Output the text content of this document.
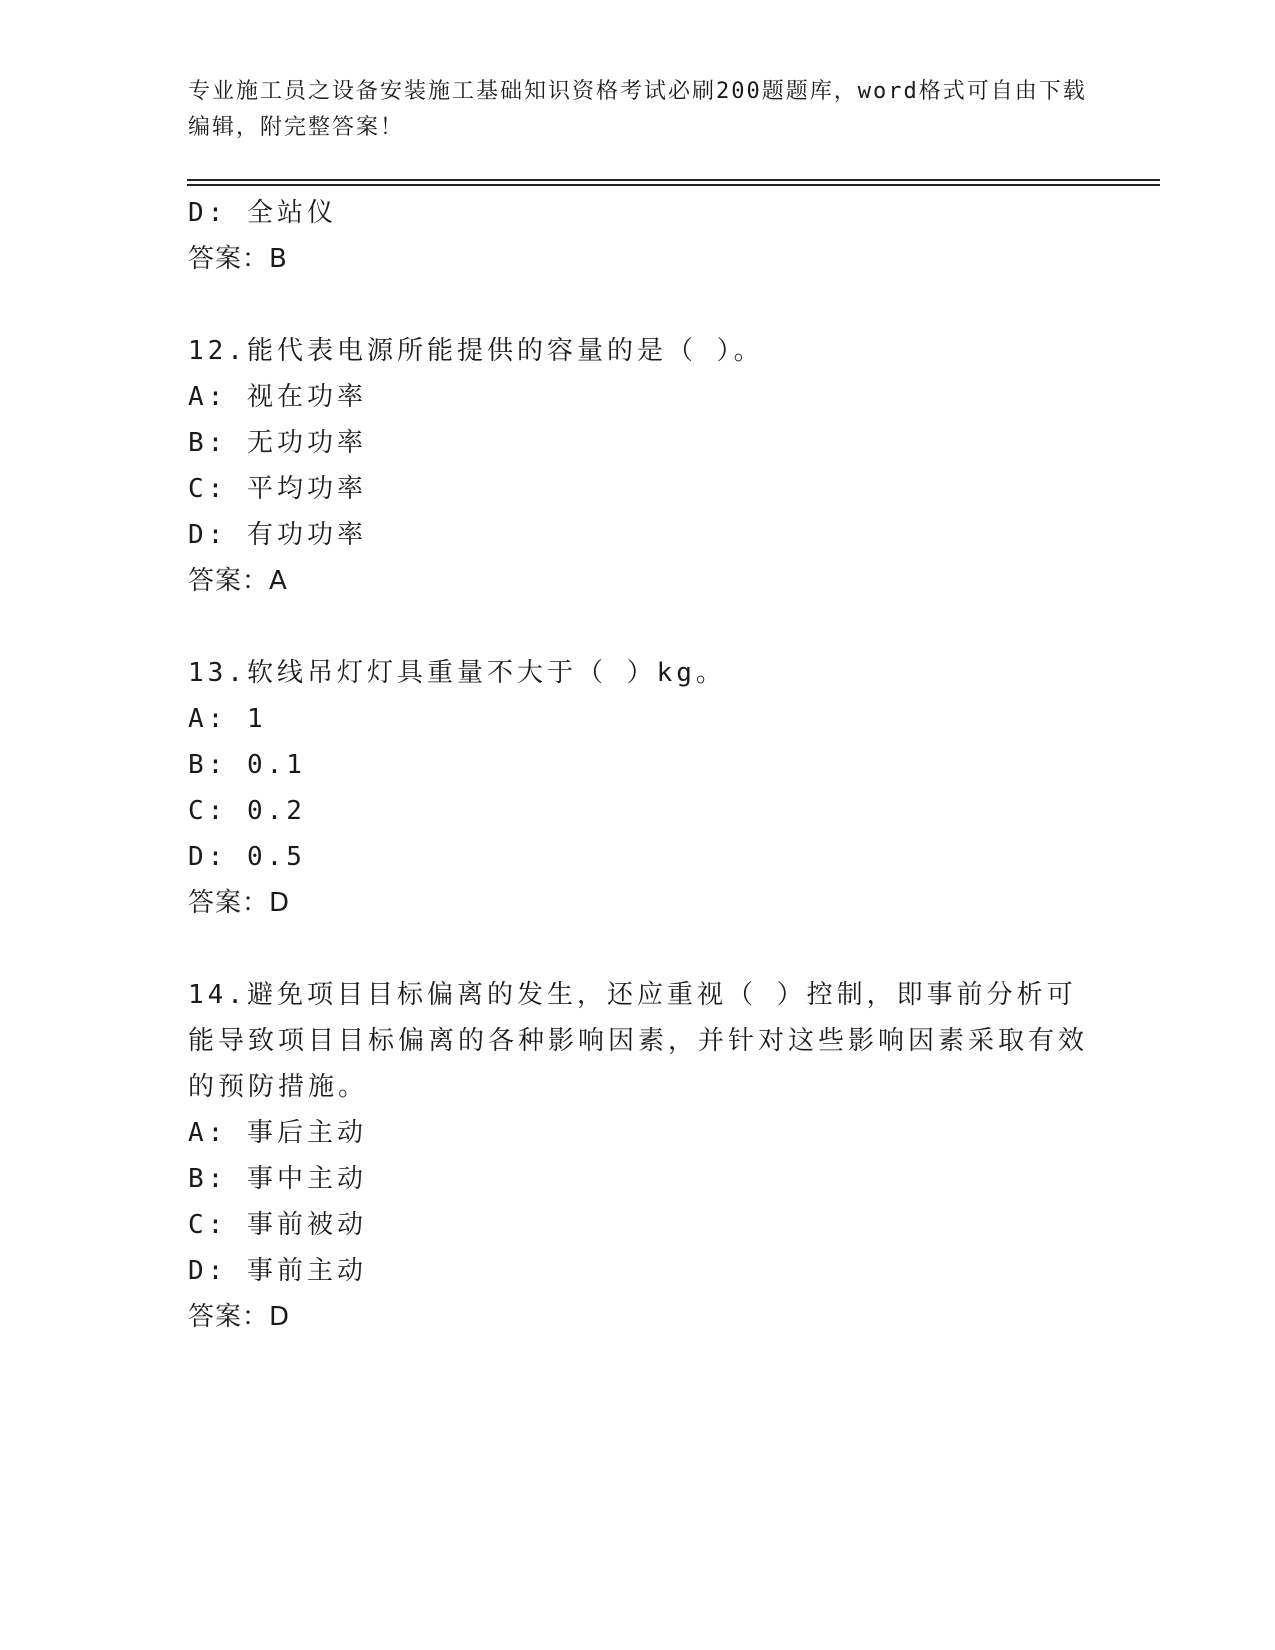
专业施工员之设备安装施工基础知识资格考试必刷200题题库，word格式可自由下载编辑，附完整答案！
D: 全站仪
答案：B
12.能代表电源所能提供的容量的是（ ）。
A: 视在功率
B: 无功功率
C: 平均功率
D: 有功功率
答案：A
13.软线吊灯灯具重量不大于（ ）kg。
A: 1
B: 0.1
C: 0.2
D: 0.5
答案：D
14.避免项目目标偏离的发生，还应重视（ ）控制，即事前分析可能导致项目目标偏离的各种影响因素，并针对这些影响因素采取有效的预防措施。
A: 事后主动
B: 事中主动
C: 事前被动
D: 事前主动
答案：D
